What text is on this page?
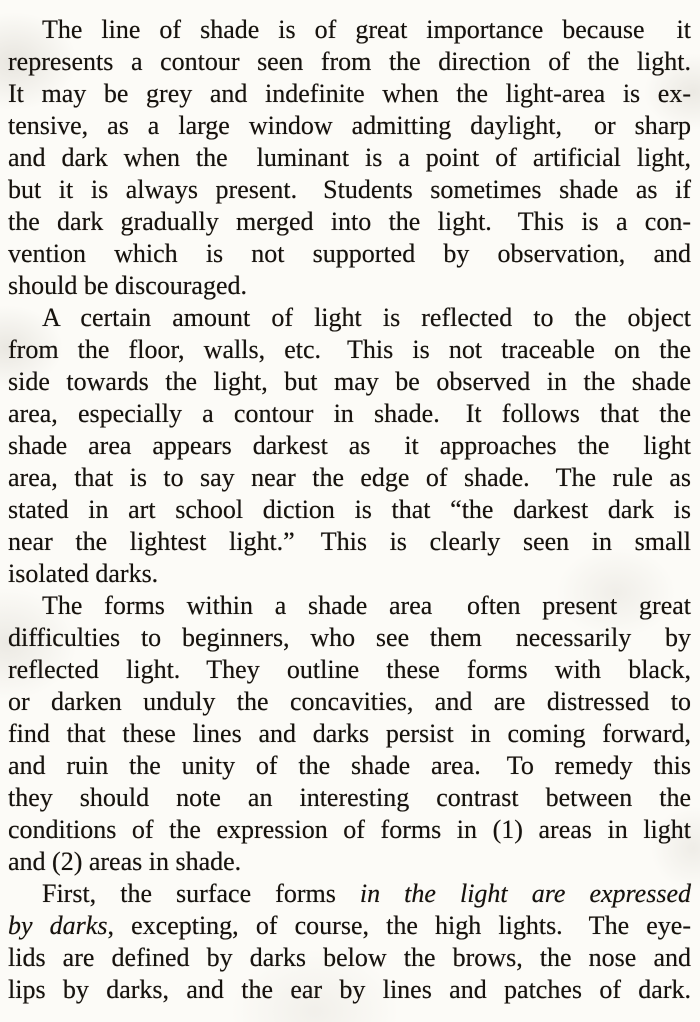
The line of shade is of great importance because  it
represents a contour seen from the direction of the light.
It may be grey and indefinite when the light-area is ex-
tensive, as a large window admitting daylight,  or sharp
and dark when the  luminant is a point of artificial light,
but it is always present. Students sometimes shade as if
the dark gradually merged into the light. This is a con-
vention which is not supported by observation, and
should be discouraged.
A certain amount of light is reflected to the object
from the floor, walls, etc. This is not traceable on the
side towards the light, but may be observed in the shade
area, especially a contour in shade. It follows that the
shade area appears darkest as  it approaches the  light
area, that is to say near the edge of shade. The rule as
stated in art school diction is that “the darkest dark is
near the lightest light.” This is clearly seen in small
isolated darks.
The forms within a shade area  often present great
difficulties to beginners, who see them  necessarily  by
reflected light. They outline these forms with black,
or darken unduly the concavities, and are distressed to
find that these lines and darks persist in coming forward,
and ruin the unity of the shade area. To remedy this
they should note an interesting contrast between the
conditions of the expression of forms in (1) areas in light
and (2) areas in shade.
First, the surface forms in the light are expressed
by darks, excepting, of course, the high lights. The eye-
lids are defined by darks below the brows, the nose and
lips by darks, and the ear by lines and patches of dark.
